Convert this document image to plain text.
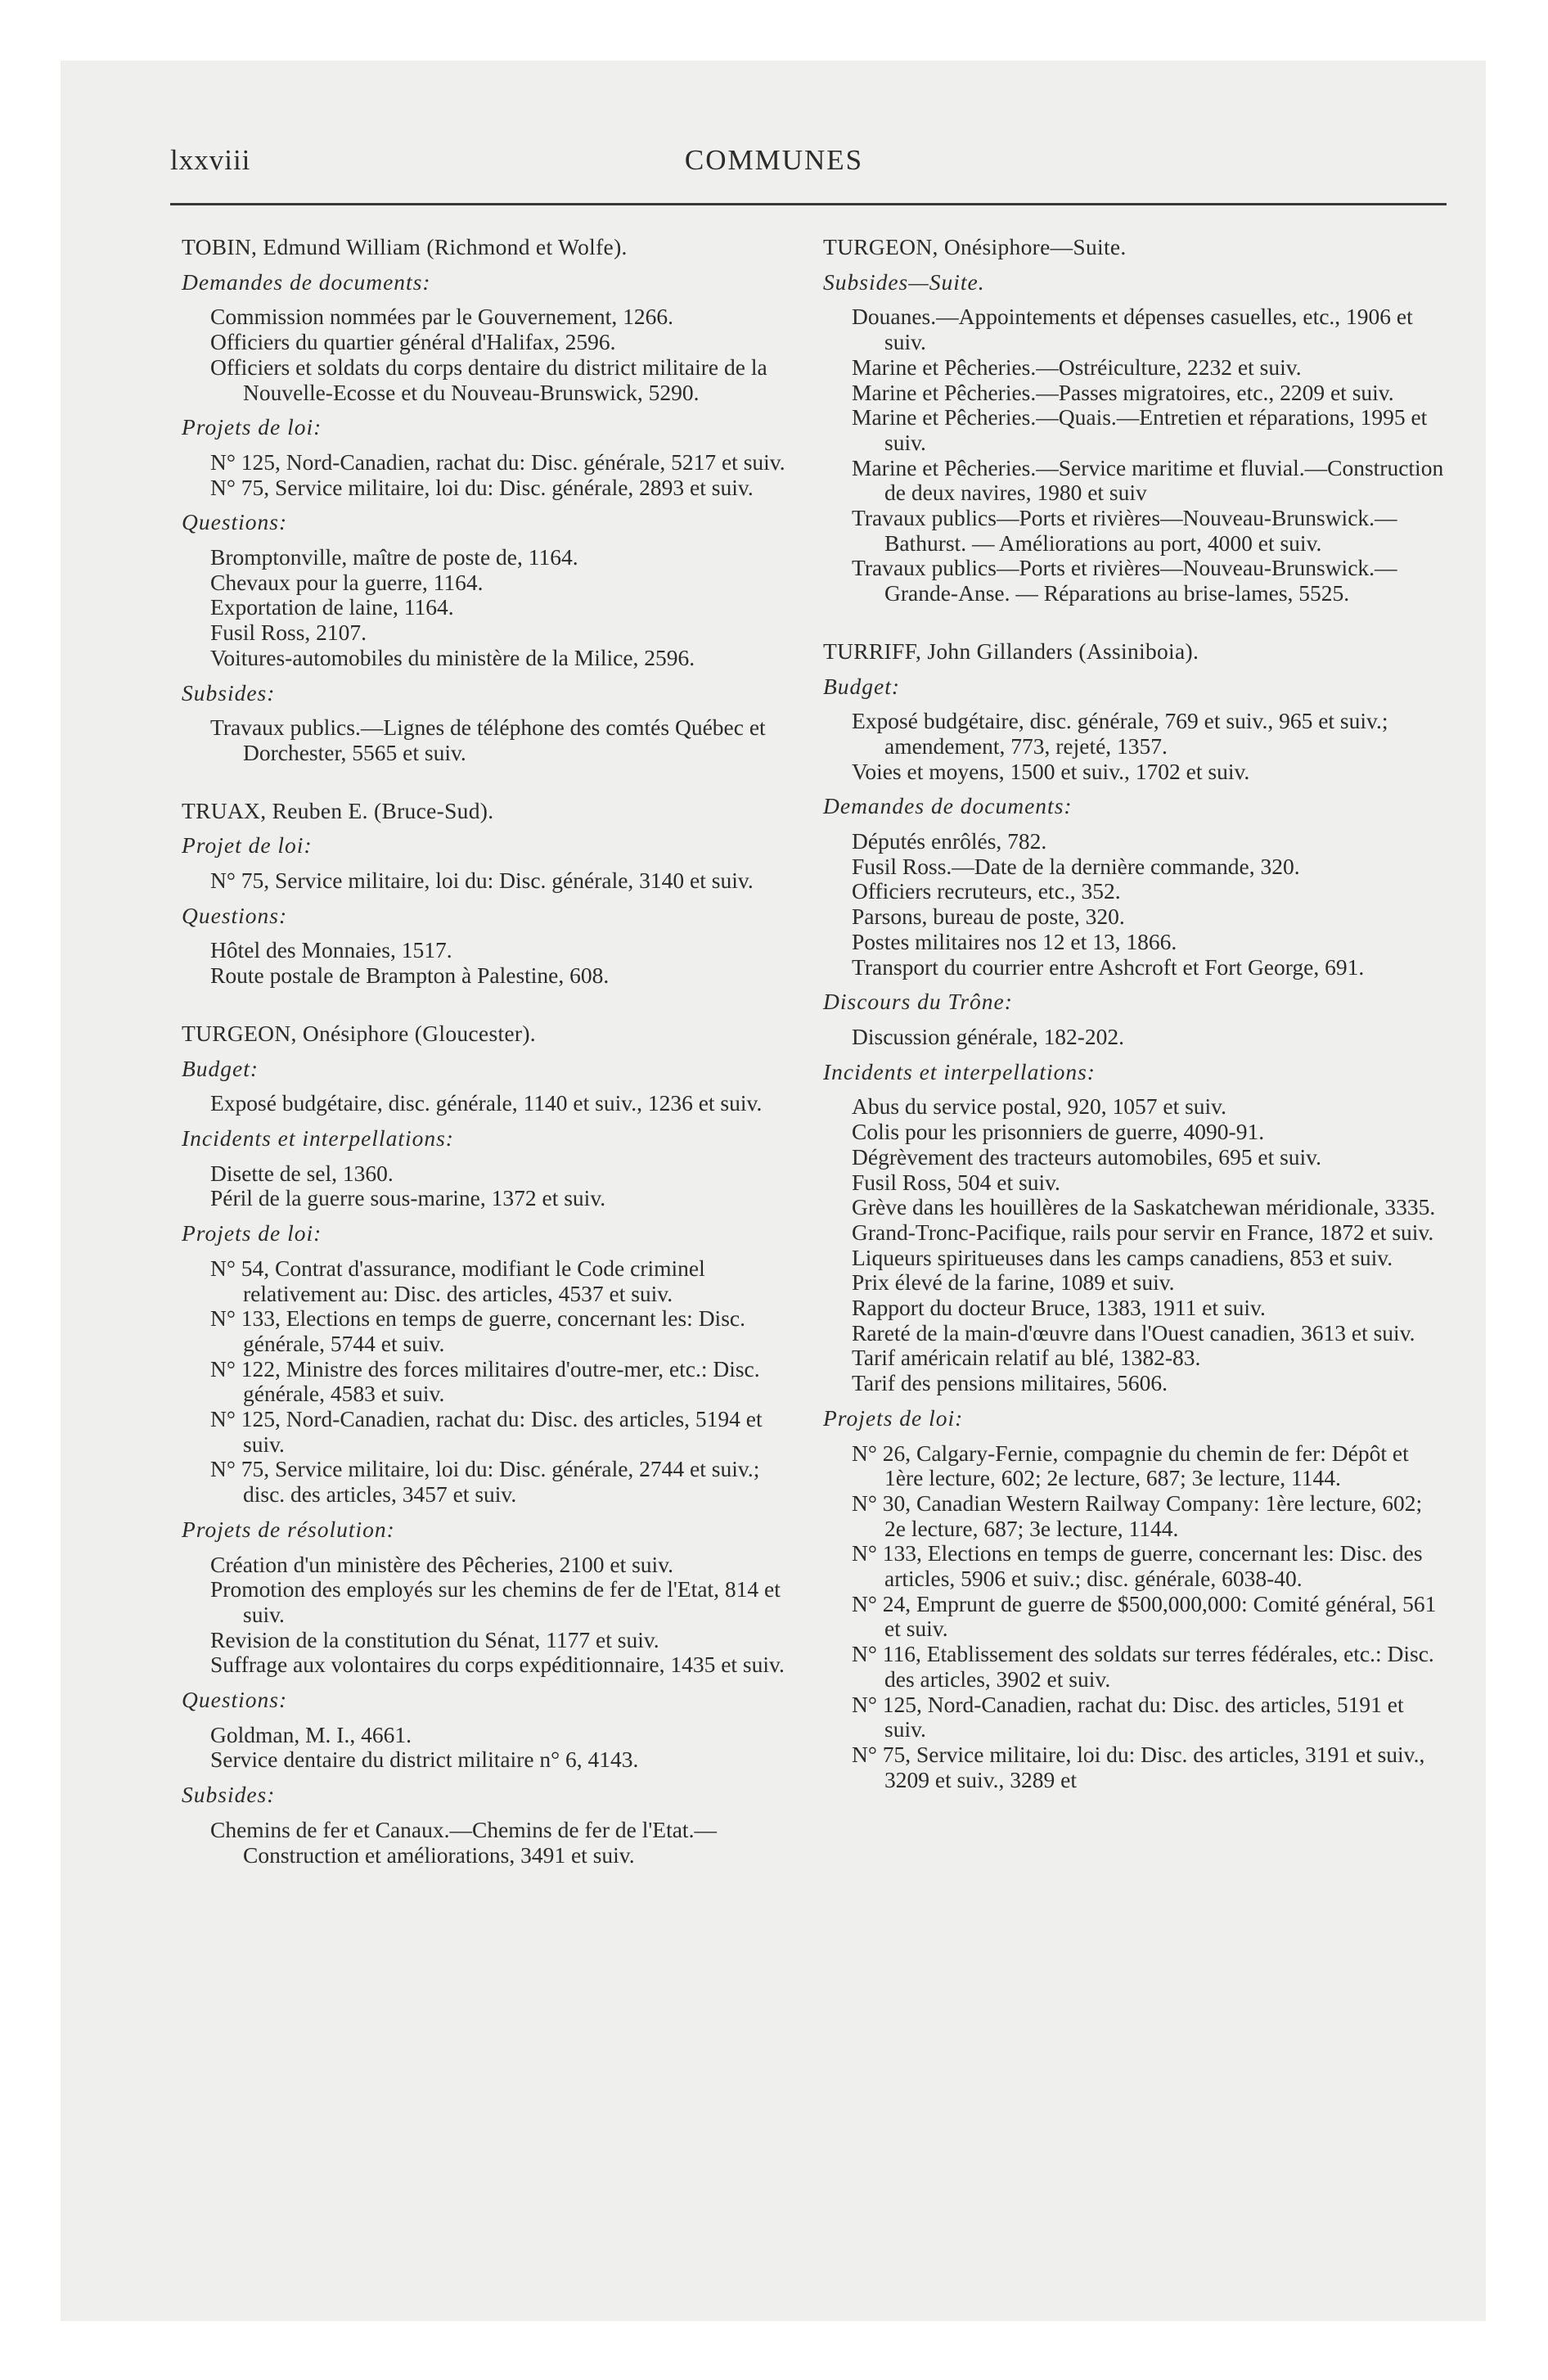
lxxviii	COMMUNES
TOBIN, Edmund William (Richmond et Wolfe).
Demandes de documents:
Commission nommées par le Gouvernement, 1266.
Officiers du quartier général d'Halifax, 2596.
Officiers et soldats du corps dentaire du district militaire de la Nouvelle-Ecosse et du Nouveau-Brunswick, 5290.
Projets de loi:
N° 125, Nord-Canadien, rachat du: Disc. générale, 5217 et suiv.
N° 75, Service militaire, loi du: Disc. générale, 2893 et suiv.
Questions:
Bromptonville, maître de poste de, 1164.
Chevaux pour la guerre, 1164.
Exportation de laine, 1164.
Fusil Ross, 2107.
Voitures-automobiles du ministère de la Milice, 2596.
Subsides:
Travaux publics.—Lignes de téléphone des comtés Québec et Dorchester, 5565 et suiv.
TRUAX, Reuben E. (Bruce-Sud).
Projet de loi:
N° 75, Service militaire, loi du: Disc. générale, 3140 et suiv.
Questions:
Hôtel des Monnaies, 1517.
Route postale de Brampton à Palestine, 608.
TURGEON, Onésiphore (Gloucester).
Budget:
Exposé budgétaire, disc. générale, 1140 et suiv., 1236 et suiv.
Incidents et interpellations:
Disette de sel, 1360.
Péril de la guerre sous-marine, 1372 et suiv.
Projets de loi:
N° 54, Contrat d'assurance, modifiant le Code criminel relativement au: Disc. des articles, 4537 et suiv.
N° 133, Elections en temps de guerre, concernant les: Disc. générale, 5744 et suiv.
N° 122, Ministre des forces militaires d'outre-mer, etc.: Disc. générale, 4583 et suiv.
N° 125, Nord-Canadien, rachat du: Disc. des articles, 5194 et suiv.
N° 75, Service militaire, loi du: Disc. générale, 2744 et suiv.; disc. des articles, 3457 et suiv.
Projets de résolution:
Création d'un ministère des Pêcheries, 2100 et suiv.
Promotion des employés sur les chemins de fer de l'Etat, 814 et suiv.
Revision de la constitution du Sénat, 1177 et suiv.
Suffrage aux volontaires du corps expéditionnaire, 1435 et suiv.
Questions:
Goldman, M. I., 4661.
Service dentaire du district militaire n° 6, 4143.
Subsides:
Chemins de fer et Canaux.—Chemins de fer de l'Etat.—Construction et améliorations, 3491 et suiv.
TURGEON, Onésiphore—Suite.
Subsides—Suite.
Douanes.—Appointements et dépenses casuelles, etc., 1906 et suiv.
Marine et Pêcheries.—Ostréiculture, 2232 et suiv.
Marine et Pêcheries.—Passes migratoires, etc., 2209 et suiv.
Marine et Pêcheries.—Quais.—Entretien et réparations, 1995 et suiv.
Marine et Pêcheries.—Service maritime et fluvial.—Construction de deux navires, 1980 et suiv
Travaux publics—Ports et rivières—Nouveau-Brunswick.—Bathurst. — Améliorations au port, 4000 et suiv.
Travaux publics—Ports et rivières—Nouveau-Brunswick.— Grande-Anse. — Réparations au brise-lames, 5525.
TURRIFF, John Gillanders (Assiniboia).
Budget:
Exposé budgétaire, disc. générale, 769 et suiv., 965 et suiv.; amendement, 773, rejeté, 1357.
Voies et moyens, 1500 et suiv., 1702 et suiv.
Demandes de documents:
Députés enrôlés, 782.
Fusil Ross.—Date de la dernière commande, 320.
Officiers recruteurs, etc., 352.
Parsons, bureau de poste, 320.
Postes militaires nos 12 et 13, 1866.
Transport du courrier entre Ashcroft et Fort George, 691.
Discours du Trône:
Discussion générale, 182-202.
Incidents et interpellations:
Abus du service postal, 920, 1057 et suiv.
Colis pour les prisonniers de guerre, 4090-91.
Dégrèvement des tracteurs automobiles, 695 et suiv.
Fusil Ross, 504 et suiv.
Grève dans les houillères de la Saskatchewan méridionale, 3335.
Grand-Tronc-Pacifique, rails pour servir en France, 1872 et suiv.
Liqueurs spiritueuses dans les camps canadiens, 853 et suiv.
Prix élevé de la farine, 1089 et suiv.
Rapport du docteur Bruce, 1383, 1911 et suiv.
Rareté de la main-d'œuvre dans l'Ouest canadien, 3613 et suiv.
Tarif américain relatif au blé, 1382-83.
Tarif des pensions militaires, 5606.
Projets de loi:
N° 26, Calgary-Fernie, compagnie du chemin de fer: Dépôt et 1ère lecture, 602; 2e lecture, 687; 3e lecture, 1144.
N° 30, Canadian Western Railway Company: 1ère lecture, 602; 2e lecture, 687; 3e lecture, 1144.
N° 133, Elections en temps de guerre, concernant les: Disc. des articles, 5906 et suiv.; disc. générale, 6038-40.
N° 24, Emprunt de guerre de $500,000,000: Comité général, 561 et suiv.
N° 116, Etablissement des soldats sur terres fédérales, etc.: Disc. des articles, 3902 et suiv.
N° 125, Nord-Canadien, rachat du: Disc. des articles, 5191 et suiv.
N° 75, Service militaire, loi du: Disc. des articles, 3191 et suiv., 3209 et suiv., 3289 et
